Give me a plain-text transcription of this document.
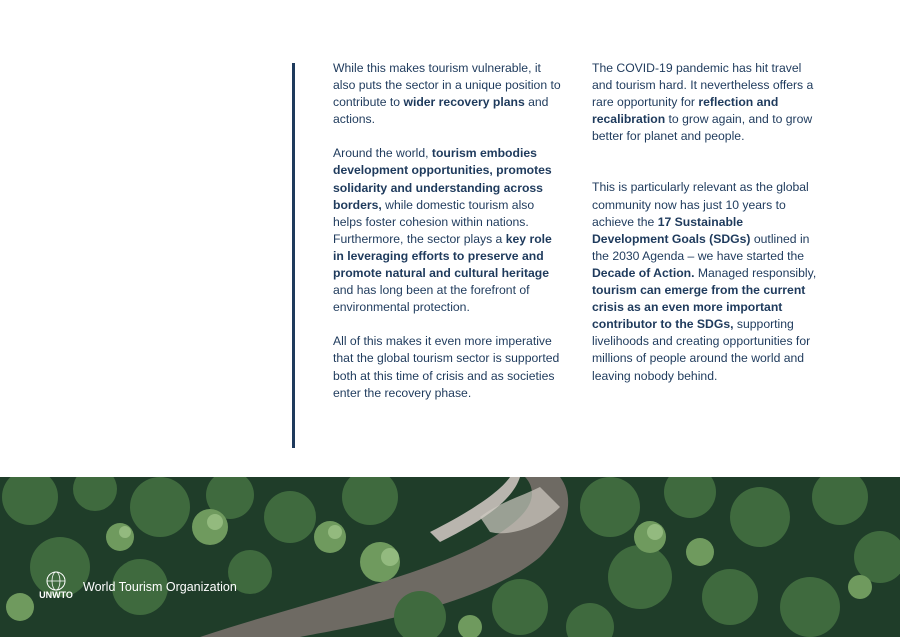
While this makes tourism vulnerable, it also puts the sector in a unique position to contribute to wider recovery plans and actions.

Around the world, tourism embodies development opportunities, promotes solidarity and understanding across borders, while domestic tourism also helps foster cohesion within nations. Furthermore, the sector plays a key role in leveraging efforts to preserve and promote natural and cultural heritage and has long been at the forefront of environmental protection.

All of this makes it even more imperative that the global tourism sector is supported both at this time of crisis and as societies enter the recovery phase.

The COVID-19 pandemic has hit travel and tourism hard. It nevertheless offers a rare opportunity for reflection and recalibration to grow again, and to grow better for planet and people.

This is particularly relevant as the global community now has just 10 years to achieve the 17 Sustainable Development Goals (SDGs) outlined in the 2030 Agenda – we have started the Decade of Action. Managed responsibly, tourism can emerge from the current crisis as an even more important contributor to the SDGs, supporting livelihoods and creating opportunities for millions of people around the world and leaving nobody behind.

UNWTO
World Tourism Organization
